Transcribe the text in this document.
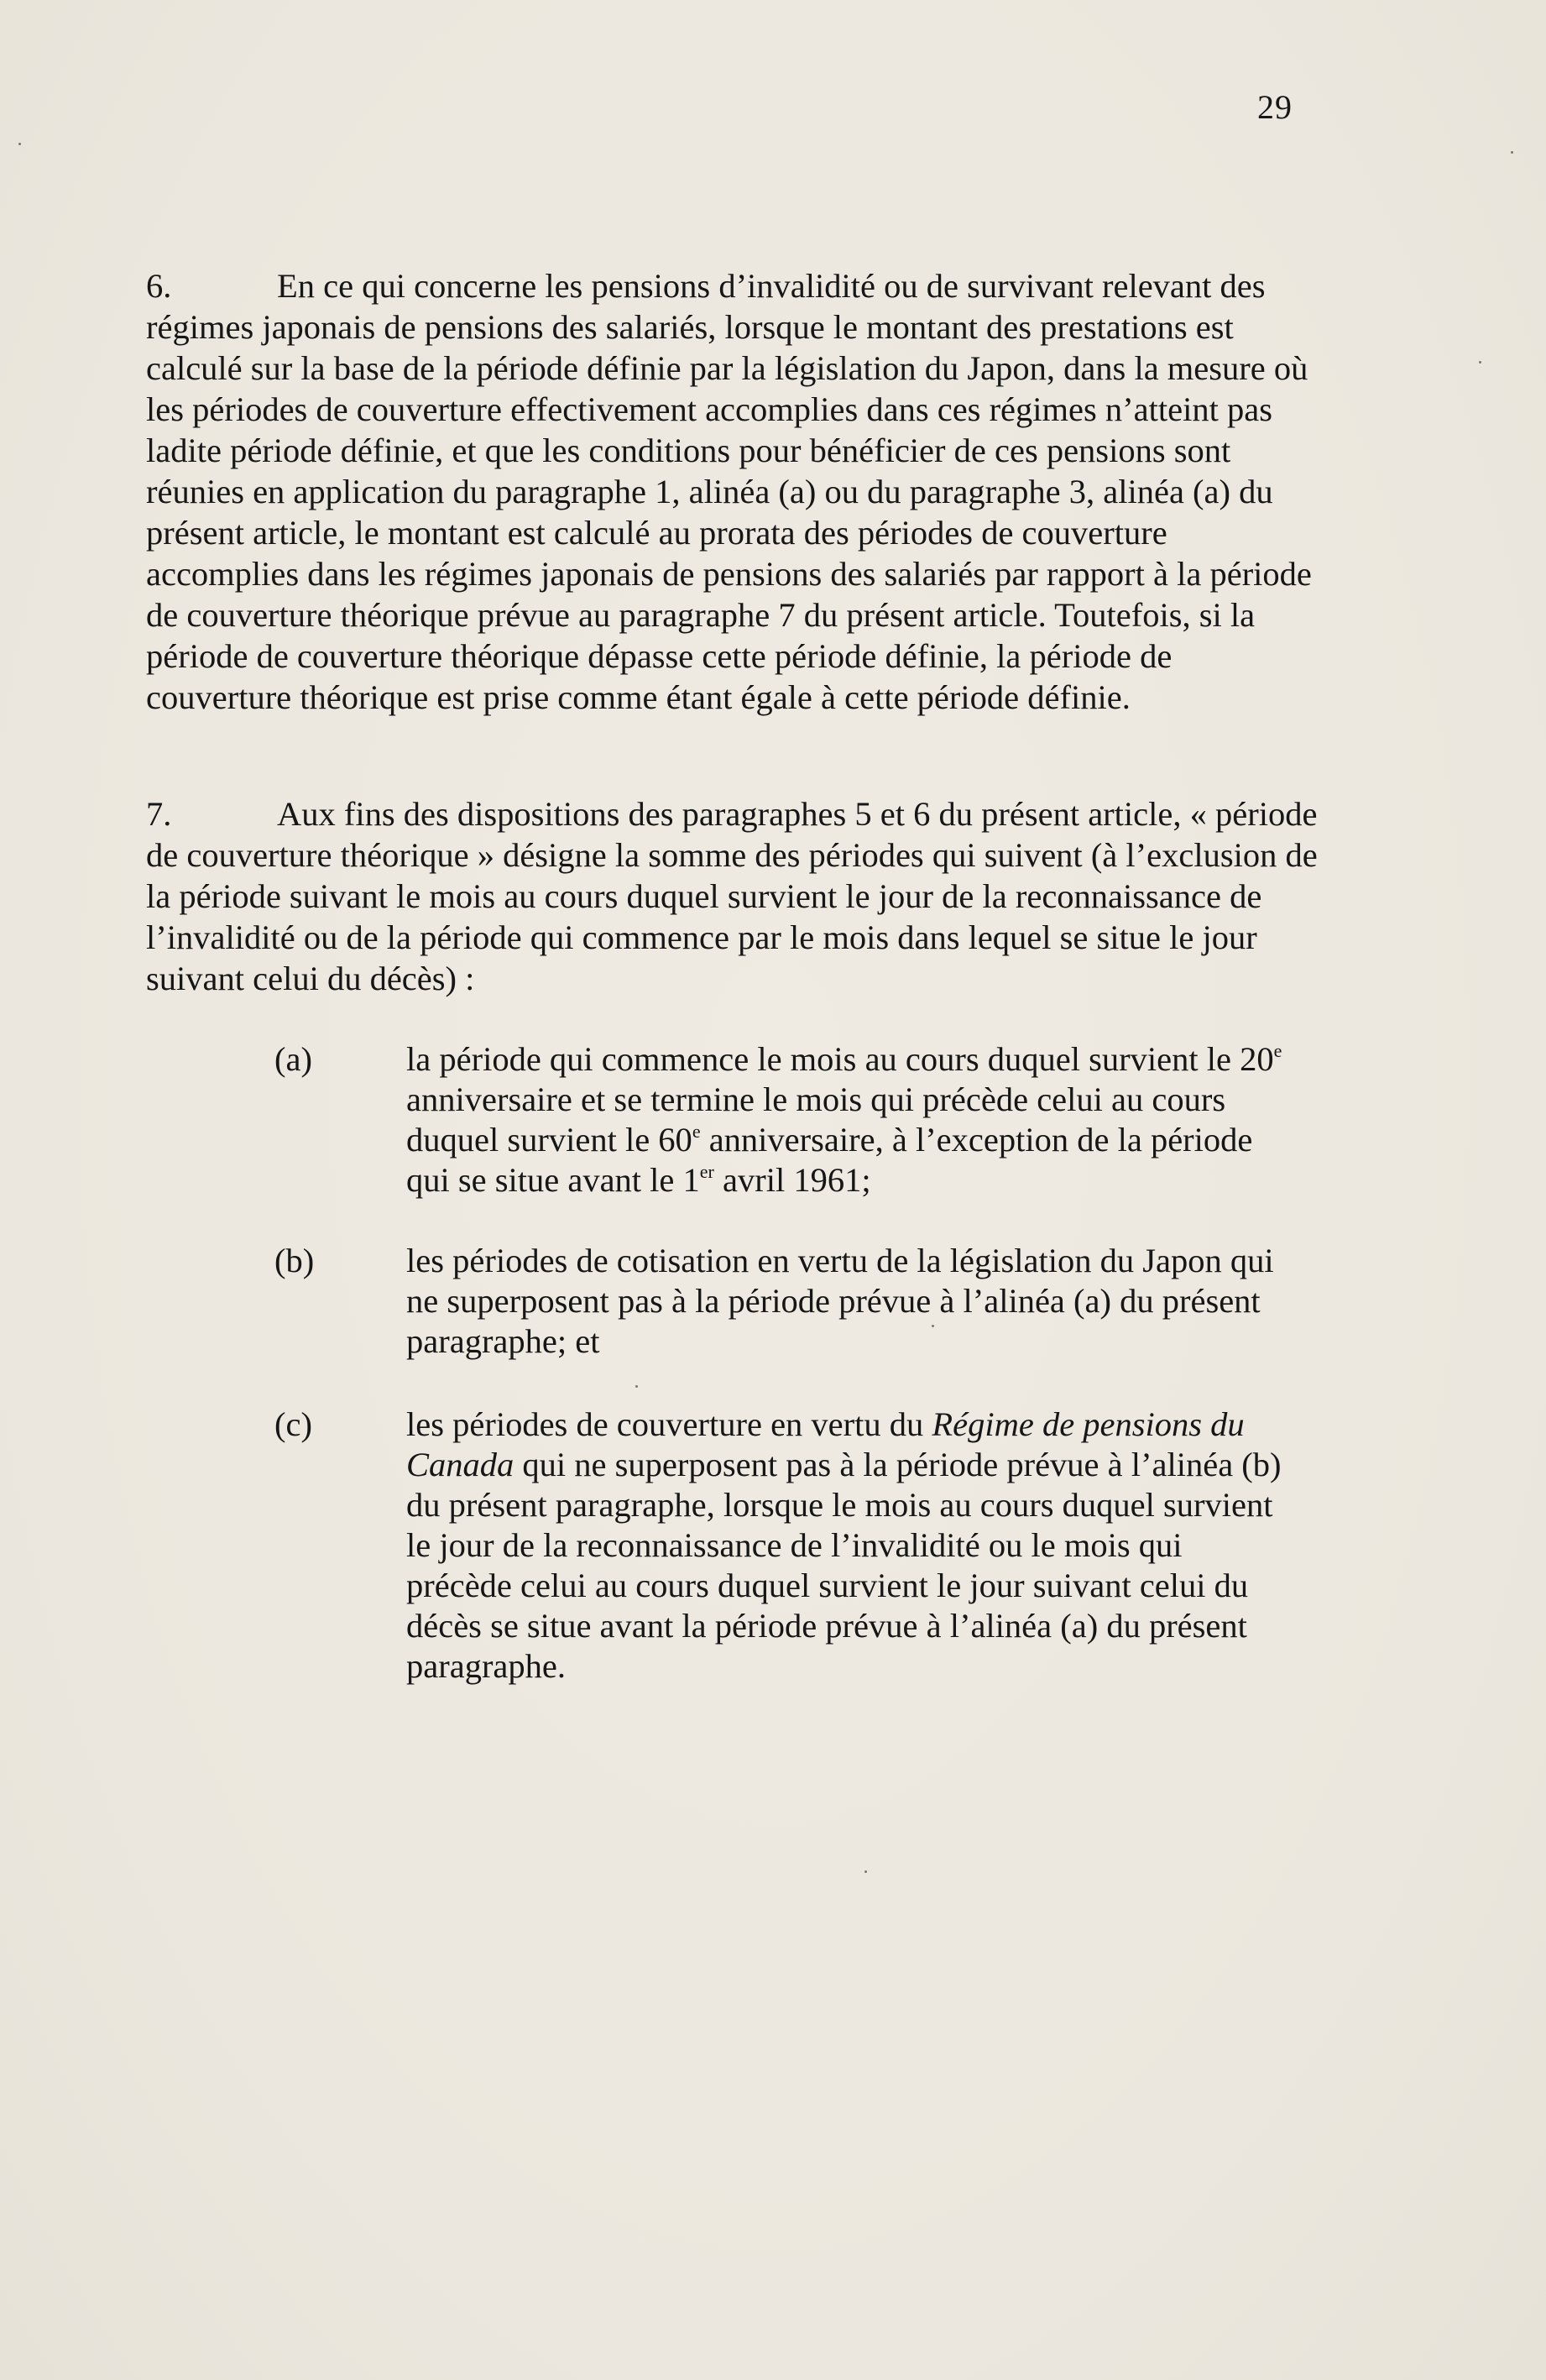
29

6.	En ce qui concerne les pensions d’invalidité ou de survivant relevant des régimes japonais de pensions des salariés, lorsque le montant des prestations est calculé sur la base de la période définie par la législation du Japon, dans la mesure où les périodes de couverture effectivement accomplies dans ces régimes n’atteint pas ladite période définie, et que les conditions pour bénéficier de ces pensions sont réunies en application du paragraphe 1, alinéa (a) ou du paragraphe 3, alinéa (a) du présent article, le montant est calculé au prorata des périodes de couverture accomplies dans les régimes japonais de pensions des salariés par rapport à la période de couverture théorique prévue au paragraphe 7 du présent article. Toutefois, si la période de couverture théorique dépasse cette période définie, la période de couverture théorique est prise comme étant égale à cette période définie.

7.	Aux fins des dispositions des paragraphes 5 et 6 du présent article, « période de couverture théorique » désigne la somme des périodes qui suivent (à l’exclusion de la période suivant le mois au cours duquel survient le jour de la reconnaissance de l’invalidité ou de la période qui commence par le mois dans lequel se situe le jour suivant celui du décès) :

(a)	la période qui commence le mois au cours duquel survient le 20e anniversaire et se termine le mois qui précède celui au cours duquel survient le 60e anniversaire, à l’exception de la période qui se situe avant le 1er avril 1961;

(b)	les périodes de cotisation en vertu de la législation du Japon qui ne superposent pas à la période prévue à l’alinéa (a) du présent paragraphe; et

(c)	les périodes de couverture en vertu du Régime de pensions du Canada qui ne superposent pas à la période prévue à l’alinéa (b) du présent paragraphe, lorsque le mois au cours duquel survient le jour de la reconnaissance de l’invalidité ou le mois qui précède celui au cours duquel survient le jour suivant celui du décès se situe avant la période prévue à l’alinéa (a) du présent paragraphe.
